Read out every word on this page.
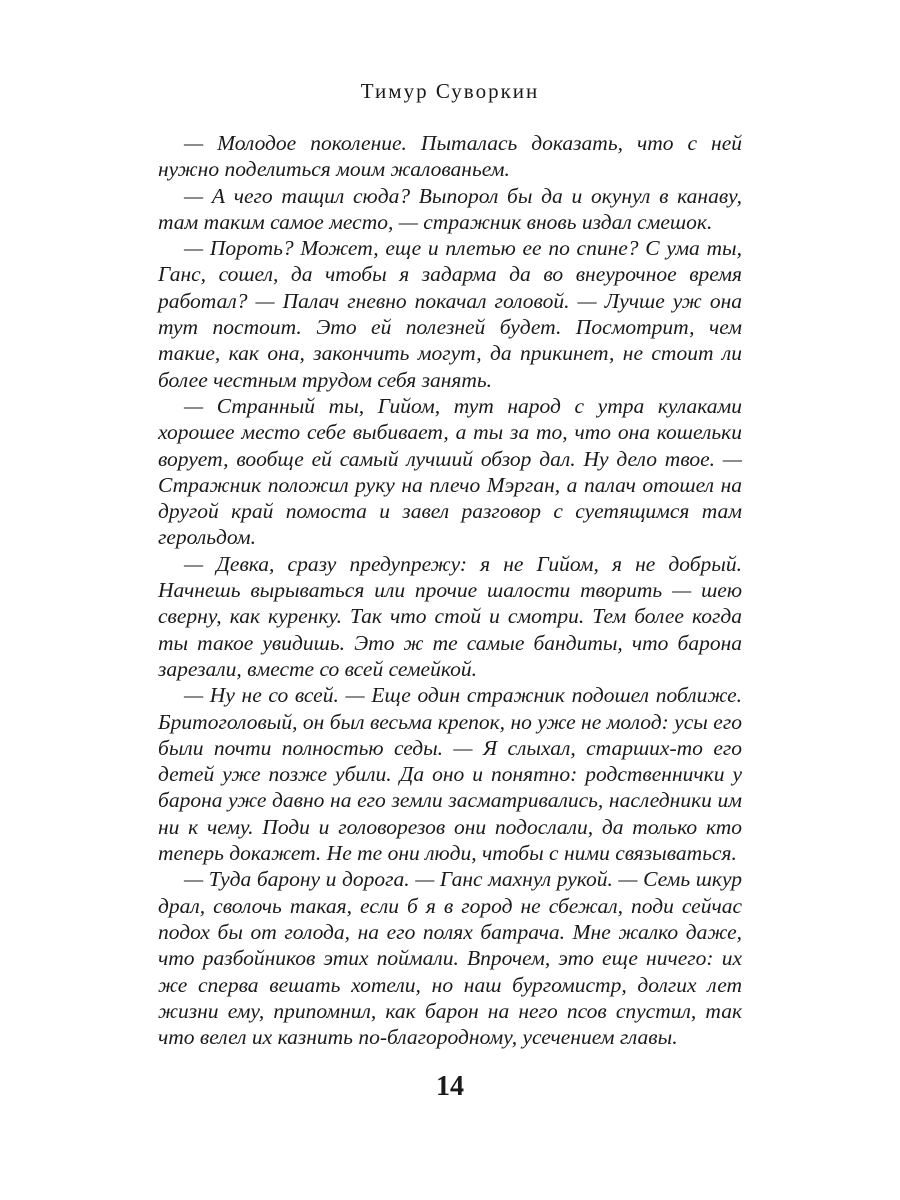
Тимур Суворкин

— Молодое поколение. Пыталась доказать, что с ней нужно поделиться моим жалованьем.

— А чего тащил сюда? Выпорол бы да и окунул в канаву, там таким самое место, — стражник вновь издал смешок.

— Пороть? Может, еще и плетью ее по спине? С ума ты, Ганс, сошел, да чтобы я задарма да во внеурочное время работал? — Палач гневно покачал головой. — Лучше уж она тут постоит. Это ей полезней будет. Посмотрит, чем такие, как она, закончить могут, да прикинет, не стоит ли более честным трудом себя занять.

— Странный ты, Гийом, тут народ с утра кулаками хорошее место себе выбивает, а ты за то, что она кошельки ворует, вообще ей самый лучший обзор дал. Ну дело твое. — Стражник положил руку на плечо Мэрган, а палач отошел на другой край помоста и завел разговор с суетящимся там герольдом.

— Девка, сразу предупрежу: я не Гийом, я не добрый. Начнешь вырываться или прочие шалости творить — шею сверну, как куренку. Так что стой и смотри. Тем более когда ты такое увидишь. Это ж те самые бандиты, что барона зарезали, вместе со всей семейкой.

— Ну не со всей. — Еще один стражник подошел поближе. Бритоголовый, он был весьма крепок, но уже не молод: усы его были почти полностью седы. — Я слыхал, старших-то его детей уже позже убили. Да оно и понятно: родственнички у барона уже давно на его земли засматривались, наследники им ни к чему. Поди и головорезов они подослали, да только кто теперь докажет. Не те они люди, чтобы с ними связываться.

— Туда барону и дорога. — Ганс махнул рукой. — Семь шкур драл, сволочь такая, если б я в город не сбежал, поди сейчас подох бы от голода, на его полях батрача. Мне жалко даже, что разбойников этих поймали. Впрочем, это еще ничего: их же сперва вешать хотели, но наш бургомистр, долгих лет жизни ему, припомнил, как барон на него псов спустил, так что велел их казнить по-благородному, усечением главы.

14
